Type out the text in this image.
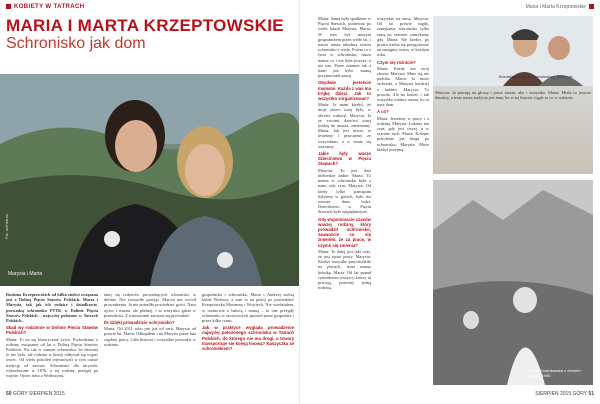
KOBIETY W TATRACH
MARIA I MARTA KRZEPTOWSKIE
Schronisko jak dom
Fot. archiwum
Marysia i Marta

Rodzina Krzeptowskich od kilka stuleci związana jest z Doliną Pięciu Stawów Polskich. Marta i Marysia, tak jak ich rodzice i dziadkowie, prowadzą schronisko PTTK w Dolinie Pięciu Stawów Polskich – najwyżej położone w Tatrach Polskich.

Skąd wy rodzinnie w Dolinie Pięciu Stawów Polskich?

Marta: To na się historycznie żywo. Pochodzimy z rodziny związanej od lat z Doliną Pięciu Stawów Polskich. Nic tak w samym schronisku, bo dawniej to nie było, ale rodzina w której odbywał się wypas owiec. Od wielu pokoleń rejestrowali w tym czasie tradycję od zawsze. Schronisko dla turystów wybudowane w 1876, a tej rodziny przejęli po wojnie. Ojciec nasz z Wołoszymi.

tutaj się rodziców prowadzących schronisko w dolinie. Nie zostawiło przejąć. Marcin nas wrócił prowadzenia. Ja nie potrafiła powiedzieć gości. Nasz ojciec i mama, ale później, i to wszystko gdzie w przeszłości. Z rozmowami zaczyna się prowadzić.

Ile dzięki prowadzicie schronisko?

Marta: Od 2011 roku jest już od razu. Marysia od prawie lat. Marta: Odkupiłem i na Marysia przez lata ciężkiej pracy. Cała historia i wszystkie prowadzi w rodzinie.

gospodarka i schroniska. Marta i Andrzej szóstą kuleń Wołoszy, a sam to na pokój po powiedzieć Krzeptowska Marianna i Wojciech. Nie wiedziałam, w rozmowie z babcią i mamą – to one przejęły schronisko w szczytowych spośród przez gospodarz i przez kilka czasu.

Jak w praktyce wygląda prowadzenie najwyżej położonego schroniska w Tatrach Polskich, do którego nie ma drogi, a towary transportuje się koleją linową? Naszyczka ze schroniskiem?

50 GÓRY SIERPIEŃ 2015
Maria i Marta Krzeptowskie

Marta: Sama była spadkiem w Pięciu Stawach, ponieważ po wielu latach Marysia. Marta: W tym był naszym gospodarzem przez wiele lat, i nawet nasza młodsza siostra schronisko i wiele. Potem to z tymi w schronisku, nasza mama co i nie była jeszcze, a nie nas. Przez ostatnie tak z nami już było, mamą przyjmowała pracę.

Obydwie jesteście mamami. Każda z was ma trójkę dzieci. Jak to wszystko zorganizować?

Marta: Ja mam kiedyś, że moje dzieci tutaj były, w okresie wakacji. Marysia: Ja ze swoimi dziećmi zimą jeżdżę do miasta, zmieniamy. Marta: Jak jest sezon, to jesteśmy i pracujemy ze wszystkimi, a w zimie się wracamy.

Jakie były wasze dzieciństwo w Pięciu Stawach?

Marysia: To jest dziś niebieskie żadne. Marta: To mama w schronisku była z nami cały czas. Marysia: Od kiedy tylko pamiętam byłyśmy w górach, było też zawsze dużo ludzi. Dzieciństwo w Pięciu Stawach było najpiękniejsze.

Gdy wspominacie czasów waszej rodziny, który prowadził schronisko, zauważcie co się zmieniło, że za pracę, w czymś się zmienia?

Marta: To dalej jest taki czas, że jest sporo pracy. Marysia: Kiedyś wszystko przychodziło na plecach, teraz mamy kolejkę. Marta: Od lat ponad czterdziestu wszyscy którzy tu pracują, jesteśmy jedną rodziną.

wszystkie na zimą. Marysia: Od lat prawie nigdy, zamykamy schronisko tylko zimą po sezonie, zamykamy gdy. Marta: Nie kiedyś, po prostu trzeba się przygotować na następny sezon, w każdym roku.

Czym się różnicie?

Marta: Każdy ma swój obszar. Marysia: Mnie się nie podoba. Marta: Ja może rachunki, a Marysia bardziej z ludźmi. Marysia: To prawda. Ale na koniec i tak wszystko robimy razem, bo to nasz dom.

A co?

Marta: Jesteśmy w pracy i z rodziną. Marysia: Lubimy ten czas, gdy jest ciszej, a w sezonie ruch. Marta: Kolejne pokolenie już biega po schronisku. Marysia: Może kiedyś przejmą.

SIERPIEŃ 2015 GÓRY 51
Bronisława i Józef Krzeptowscy, 1978 rok

Marysia: Ja pracuję na głowę i prace razem, aby i wszystko. Marta: Miała to jeszcze dawniej, a teraz nasza tradycja jest inna, bo w tej historii ciągle to co w rodzinie.

Maria Krzeptowska z domem dzieci, 1950
